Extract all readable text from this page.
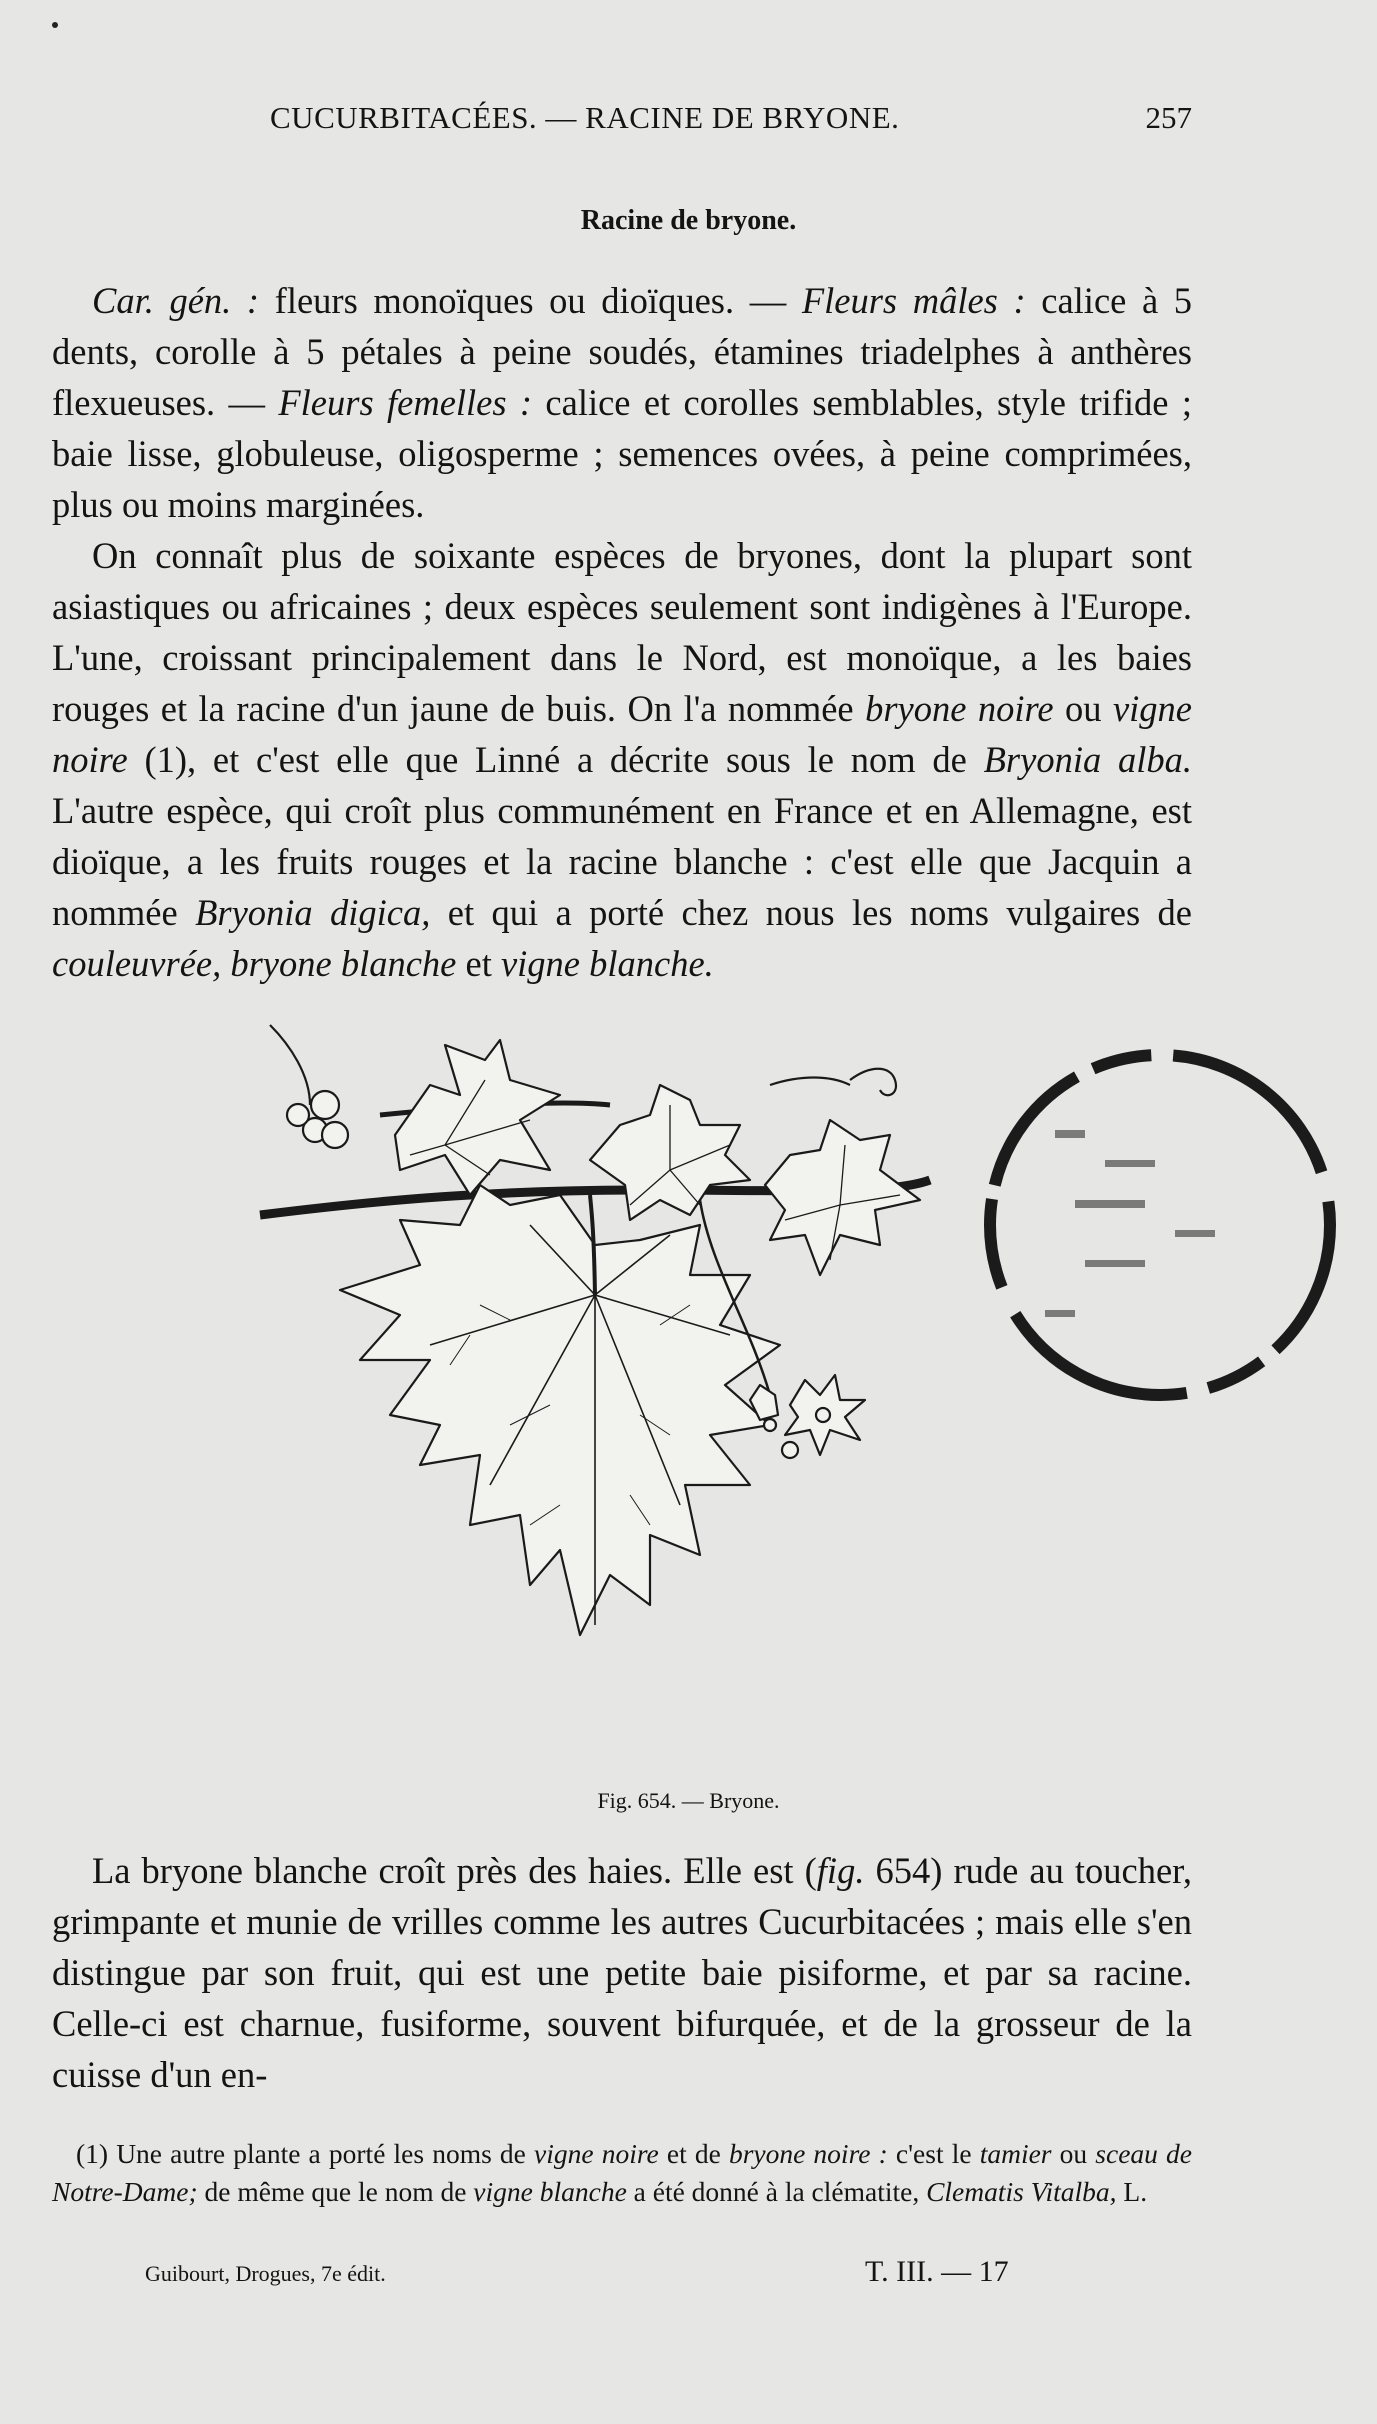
CUCURBITACÉES. — RACINE DE BRYONE.	257
Racine de bryone.

Car. gén. : fleurs monoïques ou dioïques. — Fleurs mâles : calice à 5 dents, corolle à 5 pétales à peine soudés, étamines triadelphes à anthères flexueuses. — Fleurs femelles : calice et corolles semblables, style trifide ; baie lisse, globuleuse, oligosperme ; semences ovées, à peine comprimées, plus ou moins marginées.

On connaît plus de soixante espèces de bryones, dont la plupart sont asiastiques ou africaines ; deux espèces seulement sont indigènes à l'Europe. L'une, croissant principalement dans le Nord, est monoïque, a les baies rouges et la racine d'un jaune de buis. On l'a nommée bryone noire ou vigne noire (1), et c'est elle que Linné a décrite sous le nom de Bryonia alba. L'autre espèce, qui croît plus communément en France et en Allemagne, est dioïque, a les fruits rouges et la racine blanche : c'est elle que Jacquin a nommée Bryonia digica, et qui a porté chez nous les noms vulgaires de couleuvrée, bryone blanche et vigne blanche.

Fig. 654. — Bryone.

La bryone blanche croît près des haies. Elle est (fig. 654) rude au toucher, grimpante et munie de vrilles comme les autres Cucurbitacées ; mais elle s'en distingue par son fruit, qui est une petite baie pisiforme, et par sa racine. Celle-ci est charnue, fusiforme, souvent bifurquée, et de la grosseur de la cuisse d'un en-

(1) Une autre plante a porté les noms de vigne noire et de bryone noire : c'est le tamier ou sceau de Notre-Dame; de même que le nom de vigne blanche a été donné à la clématite, Clematis Vitalba, L.

Guibourt, Drogues, 7e édit.	T. III. — 17
